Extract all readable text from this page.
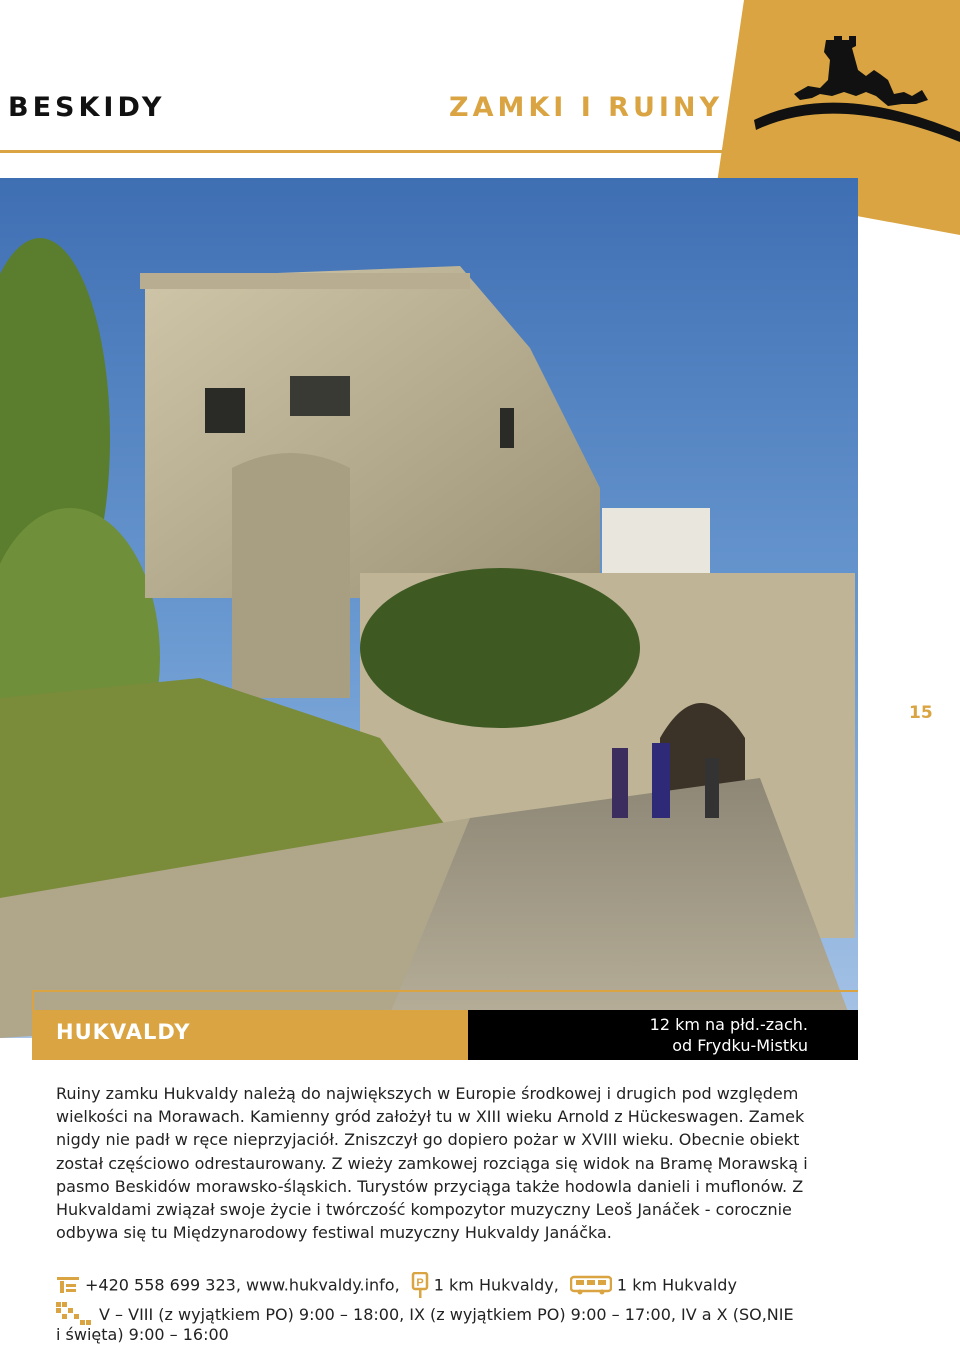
BESKIDY	ZAMKI I RUINY
15
HUKVALDY	12 km na płd.-zach.
od Frydku-Mistku
Ruiny zamku Hukvaldy należą do największych w Europie środkowej i drugich pod względem wielkości na Morawach. Kamienny gród założył tu w XIII wieku Arnold z Hückeswagen. Zamek nigdy nie padł w ręce nieprzyjaciół. Zniszczył go dopiero pożar w XVIII wieku. Obecnie obiekt został częściowo odrestaurowany. Z wieży zamkowej rozciąga się widok na Bramę Morawską i pasmo Beskidów morawsko-śląskich. Turystów przyciąga także hodowla danieli i muflonów. Z Hukvaldami związał swoje życie i twórczość kompozytor muzyczny Leoš Janáček - corocznie odbywa się tu Międzynarodowy festiwal muzyczny Hukvaldy Janáčka.
+420 558 699 323, www.hukvaldy.info, P 1 km Hukvaldy,	1 km Hukvaldy
V – VIII (z wyjątkiem PO) 9:00 – 18:00, IX (z wyjątkiem PO) 9:00 – 17:00, IV a X (SO,NIE
i święta) 9:00 – 16:00
